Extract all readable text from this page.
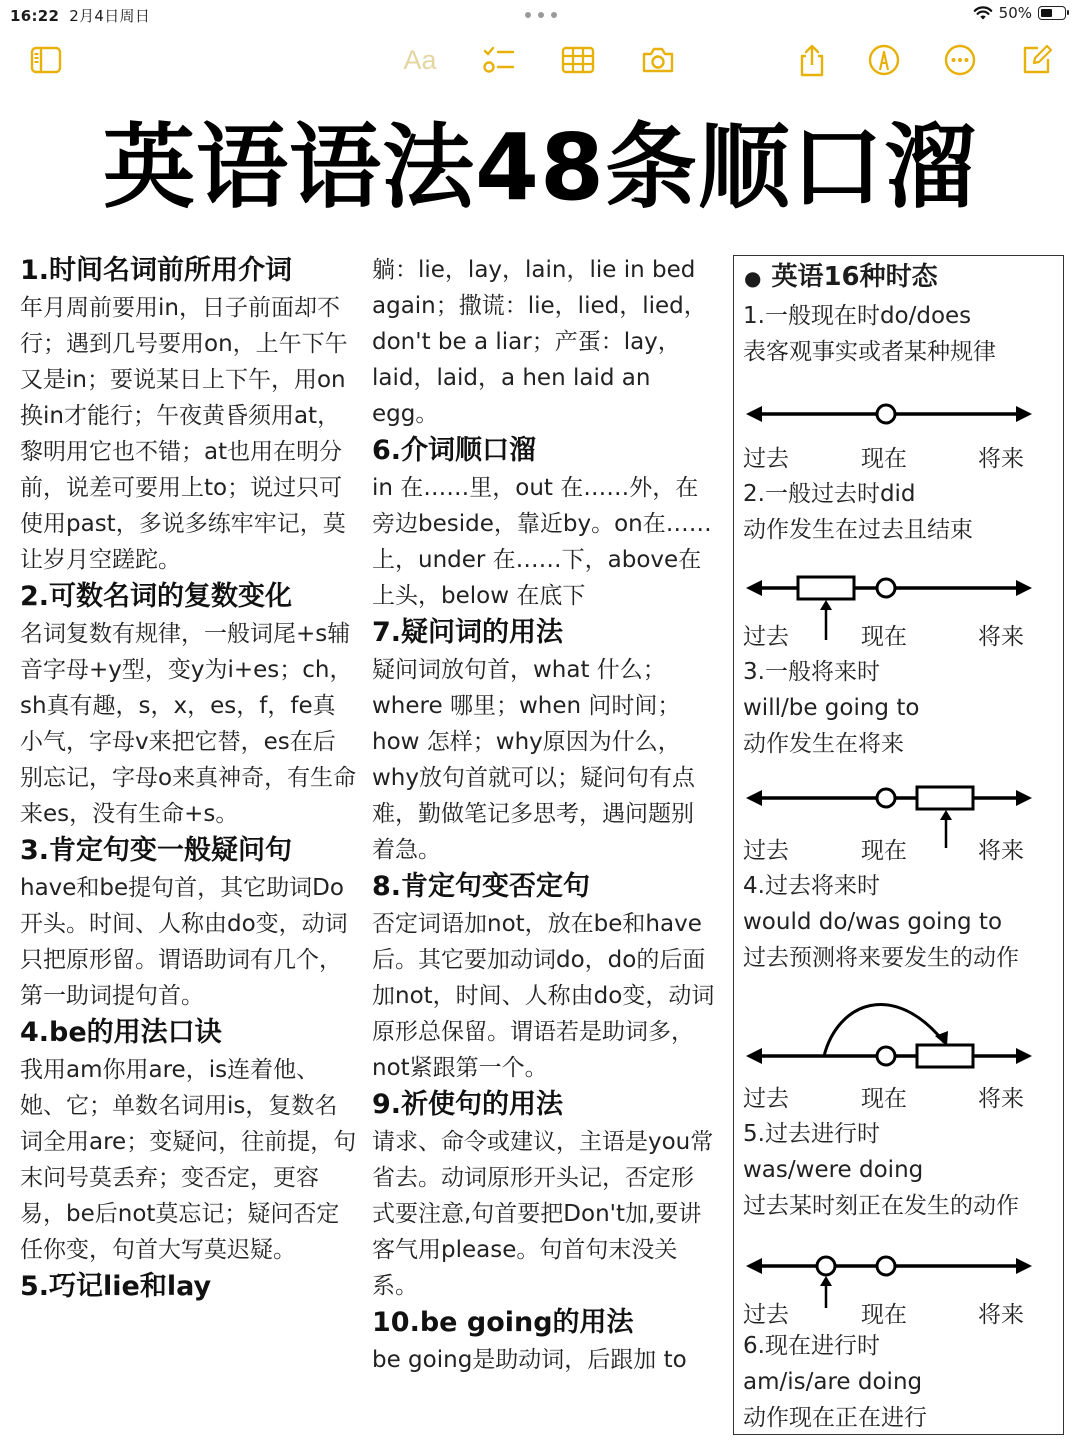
16:22 2月4日周日	50%
Aa
英语语法48条顺口溜
1.时间名词前所用介词
年月周前要用in，日子前面却不行；遇到几号要用on，上午下午又是in；要说某日上下午，用on换in才能行；午夜黄昏须用at，黎明用它也不错；at也用在明分前，说差可要用上to；说过只可使用past，多说多练牢牢记，莫让岁月空蹉跎。
2.可数名词的复数变化
名词复数有规律，一般词尾+s辅音字母+y型，变y为i+es；ch，sh真有趣，s，x，es，f，fe真小气，字母v来把它替，es在后别忘记，字母o来真神奇，有生命来es，没有生命+s。
3.肯定句变一般疑问句
have和be提句首，其它助词Do开头。时间、人称由do变，动词只把原形留。谓语助词有几个，第一助词提句首。
4.be的用法口诀
我用am你用are，is连着他、她、它；单数名词用is，复数名词全用are；变疑问，往前提，句末问号莫丢弃；变否定，更容易，be后not莫忘记；疑问否定任你变，句首大写莫迟疑。
5.巧记lie和lay
躺：lie，lay，lain，lie in bed again；撒谎：lie，lied，lied，don't be a liar；产蛋：lay，laid，laid，a hen laid an egg。
6.介词顺口溜
in 在……里，out 在……外，在旁边beside，靠近by。on在……上，under 在……下，above在上头，below 在底下
7.疑问词的用法
疑问词放句首，what 什么；where 哪里；when 问时间；how 怎样；why原因为什么，why放句首就可以；疑问句有点难，勤做笔记多思考，遇问题别着急。
8.肯定句变否定句
否定词语加not，放在be和have后。其它要加动词do，do的后面加not，时间、人称由do变，动词原形总保留。谓语若是助词多，not紧跟第一个。
9.祈使句的用法
请求、命令或建议，主语是you常省去。动词原形开头记，否定形式要注意,句首要把Don't加,要讲客气用please。句首句末没关系。
10.be going的用法
be going是助动词，后跟加 to
● 英语16种时态
1.一般现在时do/does
表客观事实或者某种规律
过去	现在	将来
2.一般过去时did
动作发生在过去且结束
过去	现在	将来
3.一般将来时
will/be going to
动作发生在将来
过去	现在	将来
4.过去将来时
would do/was going to
过去预测将来要发生的动作
过去	现在	将来
5.过去进行时
was/were doing
过去某时刻正在发生的动作
过去	现在	将来
6.现在进行时
am/is/are doing
动作现在正在进行
